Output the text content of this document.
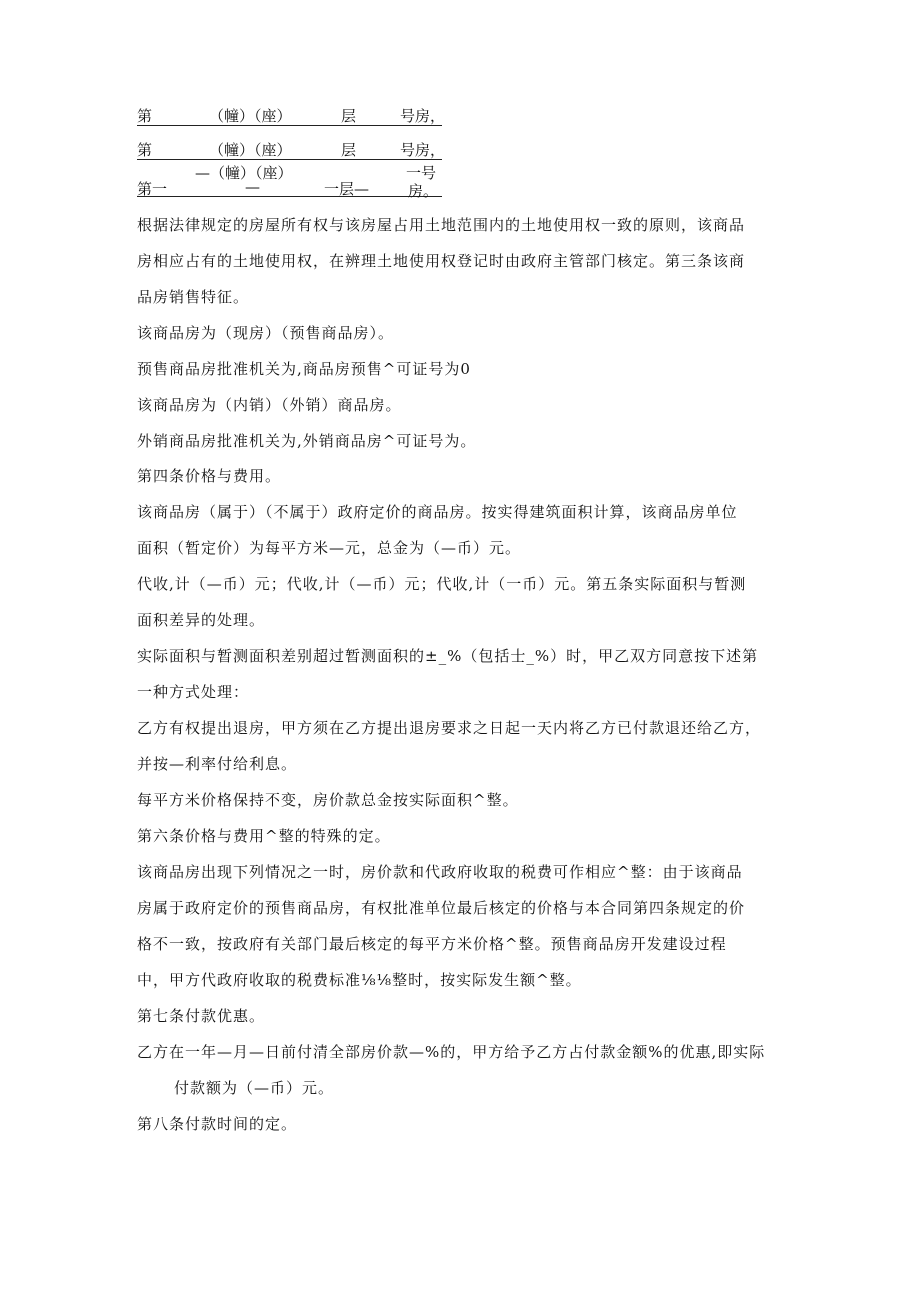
第	（幢）（座）	层	号房，
第	（幢）（座）	层	号房，
第一
—（幢）（座）
—	一层—
一号
房。
根据法律规定的房屋所有权与该房屋占用土地范围内的土地使用权一致的原则，该商品
房相应占有的土地使用权，在辨理土地使用权登记时由政府主管部门核定。第三条该商
品房销售特征。
该商品房为（现房）（预售商品房）。
预售商品房批准机关为,商品房预售^可证号为0
该商品房为（内销）（外销）商品房。
外销商品房批准机关为,外销商品房^可证号为。
第四条价格与费用。
该商品房（属于）（不属于）政府定价的商品房。按实得建筑面积计算，该商品房单位
面积（暂定价）为每平方米—元，总金为（—币）元。
代收,计（—币）元；代收,计（—币）元；代收,计（一币）元。第五条实际面积与暂测
面积差异的处理。
实际面积与暂测面积差别超过暂测面积的±_%（包括士_%）时，甲乙双方同意按下述第
一种方式处理：
乙方有权提出退房，甲方须在乙方提出退房要求之日起一天内将乙方已付款退还给乙方，
并按—利率付给利息。
每平方米价格保持不变，房价款总金按实际面积^整。
第六条价格与费用^整的特殊的定。
该商品房出现下列情况之一时，房价款和代政府收取的税费可作相应^整：由于该商品
房属于政府定价的预售商品房，有权批准单位最后核定的价格与本合同第四条规定的价
格不一致，按政府有关部门最后核定的每平方米价格^整。预售商品房开发建设过程
中，甲方代政府收取的税费标准⅛⅛整时，按实际发生额^整。
第七条付款优惠。
乙方在一年—月—日前付清全部房价款—%的，甲方给予乙方占付款金额%的优惠,即实际
付款额为（—币）元。
第八条付款时间的定。
